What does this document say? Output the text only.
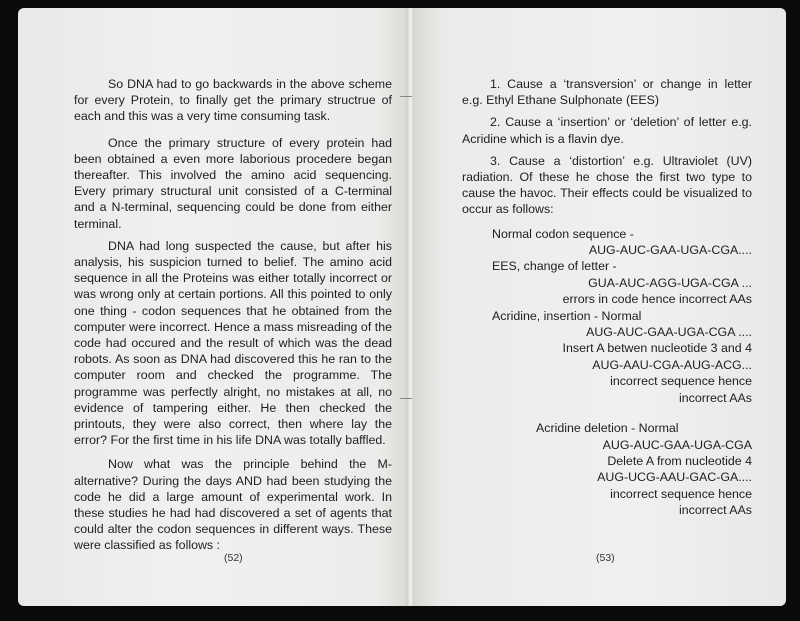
So DNA had to go backwards in the above scheme for every Protein, to finally get the primary structrue of each and this was a very time consuming task.

Once the primary structure of every protein had been obtained a even more laborious procedere began thereafter. This involved the amino acid sequencing. Every primary structural unit consisted of a C-terminal and a N-terminal, sequencing could be done from either terminal.

DNA had long suspected the cause, but after his analysis, his suspicion turned to belief. The amino acid sequence in all the Proteins was either totally incorrect or was wrong only at certain portions. All this pointed to only one thing - codon sequences that he obtained from the computer were incorrect. Hence a mass misreading of the code had occured and the result of which was the dead robots. As soon as DNA had discovered this he ran to the computer room and checked the programme. The programme was perfectly alright, no mistakes at all, no evidence of tampering either. He then checked the printouts, they were also correct, then where lay the error? For the first time in his life DNA was totally baffled.

Now what was the principle behind the M-alternative? During the days AND had been studying the code he did a large amount of experimental work. In these studies he had had discovered a set of agents that could alter the codon sequences in different ways. These were classified as follows :

(52)

1. Cause a ‘transversion’ or change in letter e.g. Ethyl Ethane Sulphonate (EES)

2. Cause a ‘insertion’ or ‘deletion’ of letter e.g. Acridine which is a flavin dye.

3. Cause a ‘distortion’ e.g. Ultraviolet (UV) radiation. Of these he chose the first two type to cause the havoc. Their effects could be visualized to occur as follows:

Normal codon sequence -
AUG-AUC-GAA-UGA-CGA....
EES, change of letter -
GUA-AUC-AGG-UGA-CGA ...
errors in code hence incorrect AAs
Acridine, insertion - Normal
AUG-AUC-GAA-UGA-CGA ....
Insert A betwen nucleotide 3 and 4
AUG-AAU-CGA-AUG-ACG...
incorrect sequence hence
incorrect AAs
Acridine deletion - Normal
AUG-AUC-GAA-UGA-CGA
Delete A from nucleotide 4
AUG-UCG-AAU-GAC-GA....
incorrect sequence hence
incorrect AAs
(53)
